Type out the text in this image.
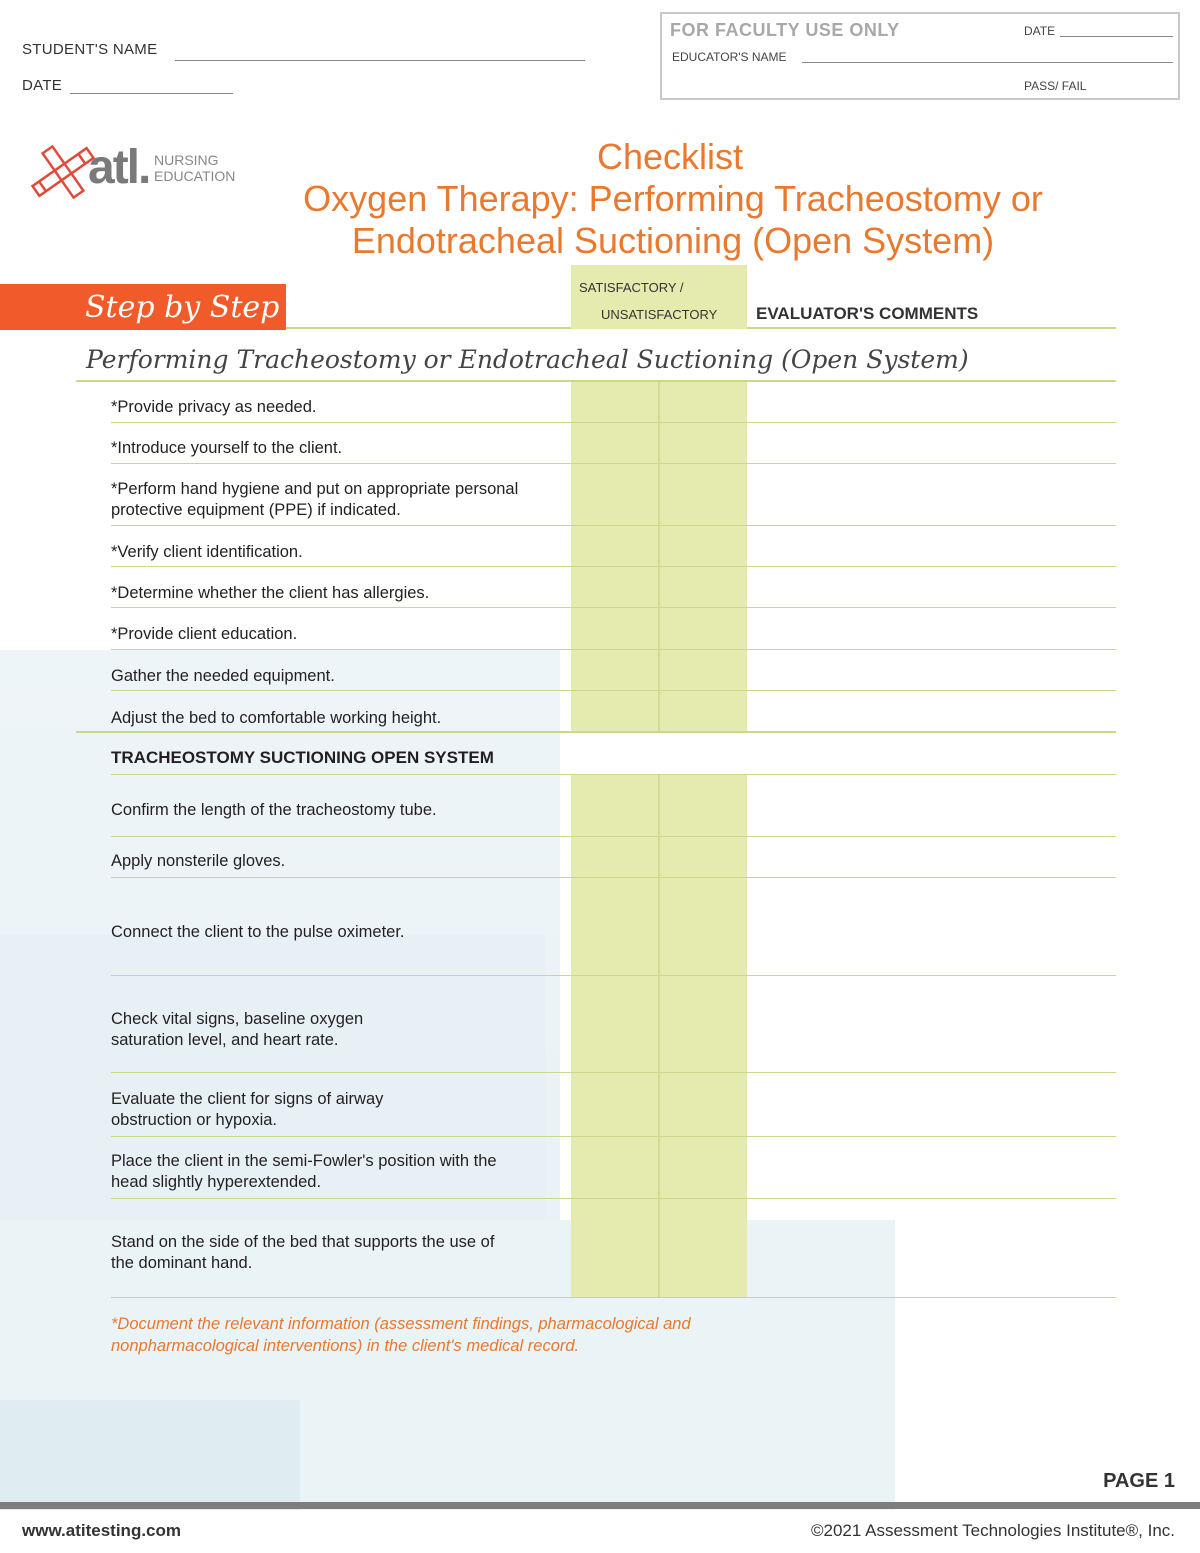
STUDENT'S NAME
DATE
FOR FACULTY USE ONLY	DATE
EDUCATOR'S NAME
PASS/ FAIL
atl. NURSING
EDUCATION	Checklist
Oxygen Therapy: Performing Tracheostomy or
Endotracheal Suctioning (Open System)
Step by Step
SATISFACTORY /
UNSATISFACTORY EVALUATOR'S COMMENTS
Performing Tracheostomy or Endotracheal Suctioning (Open System)
*Provide privacy as needed.
*Introduce yourself to the client.
*Perform hand hygiene and put on appropriate personal protective equipment (PPE) if indicated.
*Verify client identification.
*Determine whether the client has allergies.
*Provide client education.
Gather the needed equipment.
Adjust the bed to comfortable working height.
TRACHEOSTOMY SUCTIONING OPEN SYSTEM
Confirm the length of the tracheostomy tube.
Apply nonsterile gloves.
Connect the client to the pulse oximeter.
Check vital signs, baseline oxygen saturation level, and heart rate.
Evaluate the client for signs of airway obstruction or hypoxia.
Place the client in the semi-Fowler's position with the head slightly hyperextended.
Stand on the side of the bed that supports the use of the dominant hand.
*Document the relevant information (assessment findings, pharmacological and nonpharmacological interventions) in the client's medical record.
PAGE 1
www.atitesting.com	©2021 Assessment Technologies Institute®, Inc.
